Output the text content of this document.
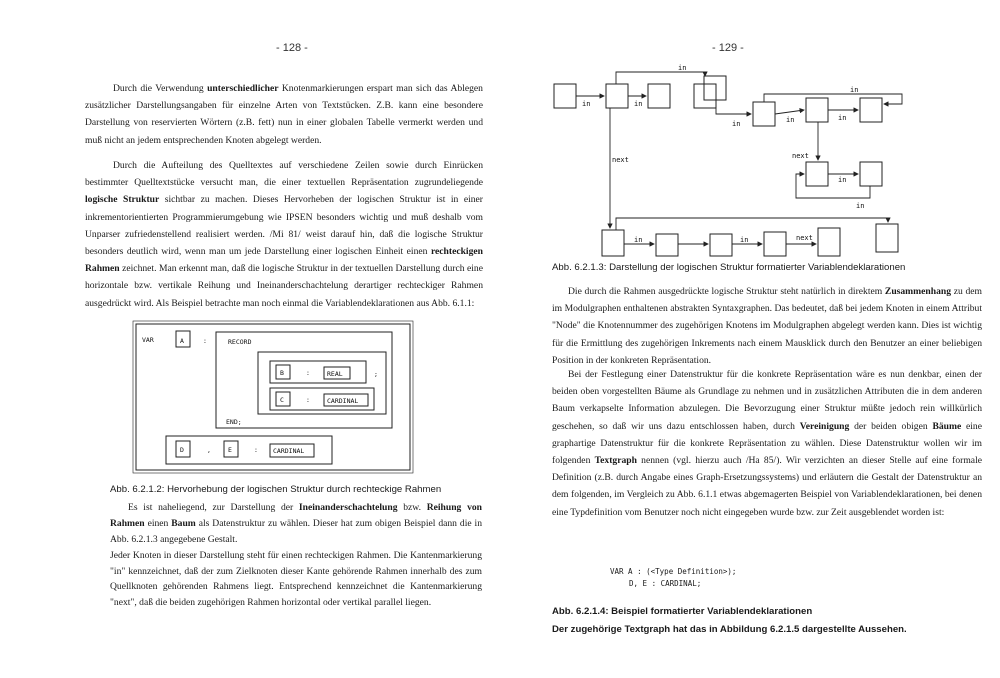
- 128 -

Durch die Verwendung unterschiedlicher Knotenmarkierungen erspart man sich das Ablegen zusätzlicher Darstellungsangaben für einzelne Arten von Textstücken. Z.B. kann eine besondere Darstellung von reservierten Wörtern (z.B. fett) nun in einer globalen Tabelle vermerkt werden und muß nicht an jedem entsprechenden Knoten abgelegt werden.

Durch die Aufteilung des Quelltextes auf verschiedene Zeilen sowie durch Einrücken bestimmter Quelltextstücke versucht man, die einer textuellen Repräsentation zugrundeliegende logische Struktur sichtbar zu machen. Dieses Hervorheben der logischen Struktur ist in einer inkrementorientierten Programmierumgebung wie IPSEN besonders wichtig und muß deshalb vom Unparser zufriedenstellend realisiert werden. /Mi 81/ weist darauf hin, daß die logische Struktur besonders deutlich wird, wenn man um jede Darstellung einer logischen Einheit einen rechteckigen Rahmen zeichnet. Man erkennt man, daß die logische Struktur in der textuellen Darstellung durch eine horizontale bzw. vertikale Reihung und Ineinanderschachtelung derartiger rechteckiger Rahmen ausgedrückt wird. Als Beispiel betrachte man noch einmal die Variablendeklarationen aus Abb. 6.1.1:

VAR	A	:	RECORD
B	:	REAL	;
C	:	CARDINAL
END;
D	,	E	: CARDINAL

Abb. 6.2.1.2: Hervorhebung der logischen Struktur durch rechteckige Rahmen

Es ist naheliegend, zur Darstellung der Ineinanderschachtelung bzw. Reihung von Rahmen einen Baum als Datenstruktur zu wählen. Dieser hat zum obigen Beispiel dann die in Abb. 6.2.1.3 angegebene Gestalt.

Jeder Knoten in dieser Darstellung steht für einen rechteckigen Rahmen. Die Kantenmarkierung "in" kennzeichnet, daß der zum Zielknoten dieser Kante gehörende Rahmen innerhalb des zum Quellknoten gehörenden Rahmens liegt. Entsprechend kennzeichnet die Kantenmarkierung "next", daß die beiden zugehörigen Rahmen horizontal oder vertikal parallel liegen.

- 129 -
in	in
in
in	in	in
in
in
in
in	in
next
next
next

Abb. 6.2.1.3: Darstellung der logischen Struktur formatierter Variablendeklarationen

Die durch die Rahmen ausgedrückte logische Struktur steht natürlich in direktem Zusammenhang zu dem im Modulgraphen enthaltenen abstrakten Syntaxgraphen. Das bedeutet, daß bei jedem Knoten in einem Attribut "Node" die Knotennummer des zugehörigen Knotens im Modulgraphen abgelegt werden kann. Dies ist wichtig für die Ermittlung des zugehörigen Inkrements nach einem Mausklick durch den Benutzer an einer beliebigen Position in der konkreten Repräsentation.

Bei der Festlegung einer Datenstruktur für die konkrete Repräsentation wäre es nun denkbar, einen der beiden oben vorgestellten Bäume als Grundlage zu nehmen und in zusätzlichen Attributen die in dem anderen Baum verkapselte Information abzulegen. Die Bevorzugung einer Struktur müßte jedoch rein willkürlich geschehen, so daß wir uns dazu entschlossen haben, durch Vereinigung der beiden obigen Bäume eine graphartige Datenstruktur für die konkrete Repräsentation zu wählen. Diese Datenstruktur wollen wir im folgenden Textgraph nennen (vgl. hierzu auch /Ha 85/). Wir verzichten an dieser Stelle auf eine formale Definition (z.B. durch Angabe eines Graph-Ersetzungssystems) und erläutern die Gestalt der Datenstruktur an dem folgenden, im Vergleich zu Abb. 6.1.1 etwas abgemagerten Beispiel von Variablendeklarationen, bei denen eine Typdefinition vom Benutzer noch nicht eingegeben wurde bzw. zur Zeit ausgeblendet worden ist:

VAR A : (<Type Definition>);
D, E : CARDINAL;

Abb. 6.2.1.4: Beispiel formatierter Variablendeklarationen

Der zugehörige Textgraph hat das in Abbildung 6.2.1.5 dargestellte Aussehen.
